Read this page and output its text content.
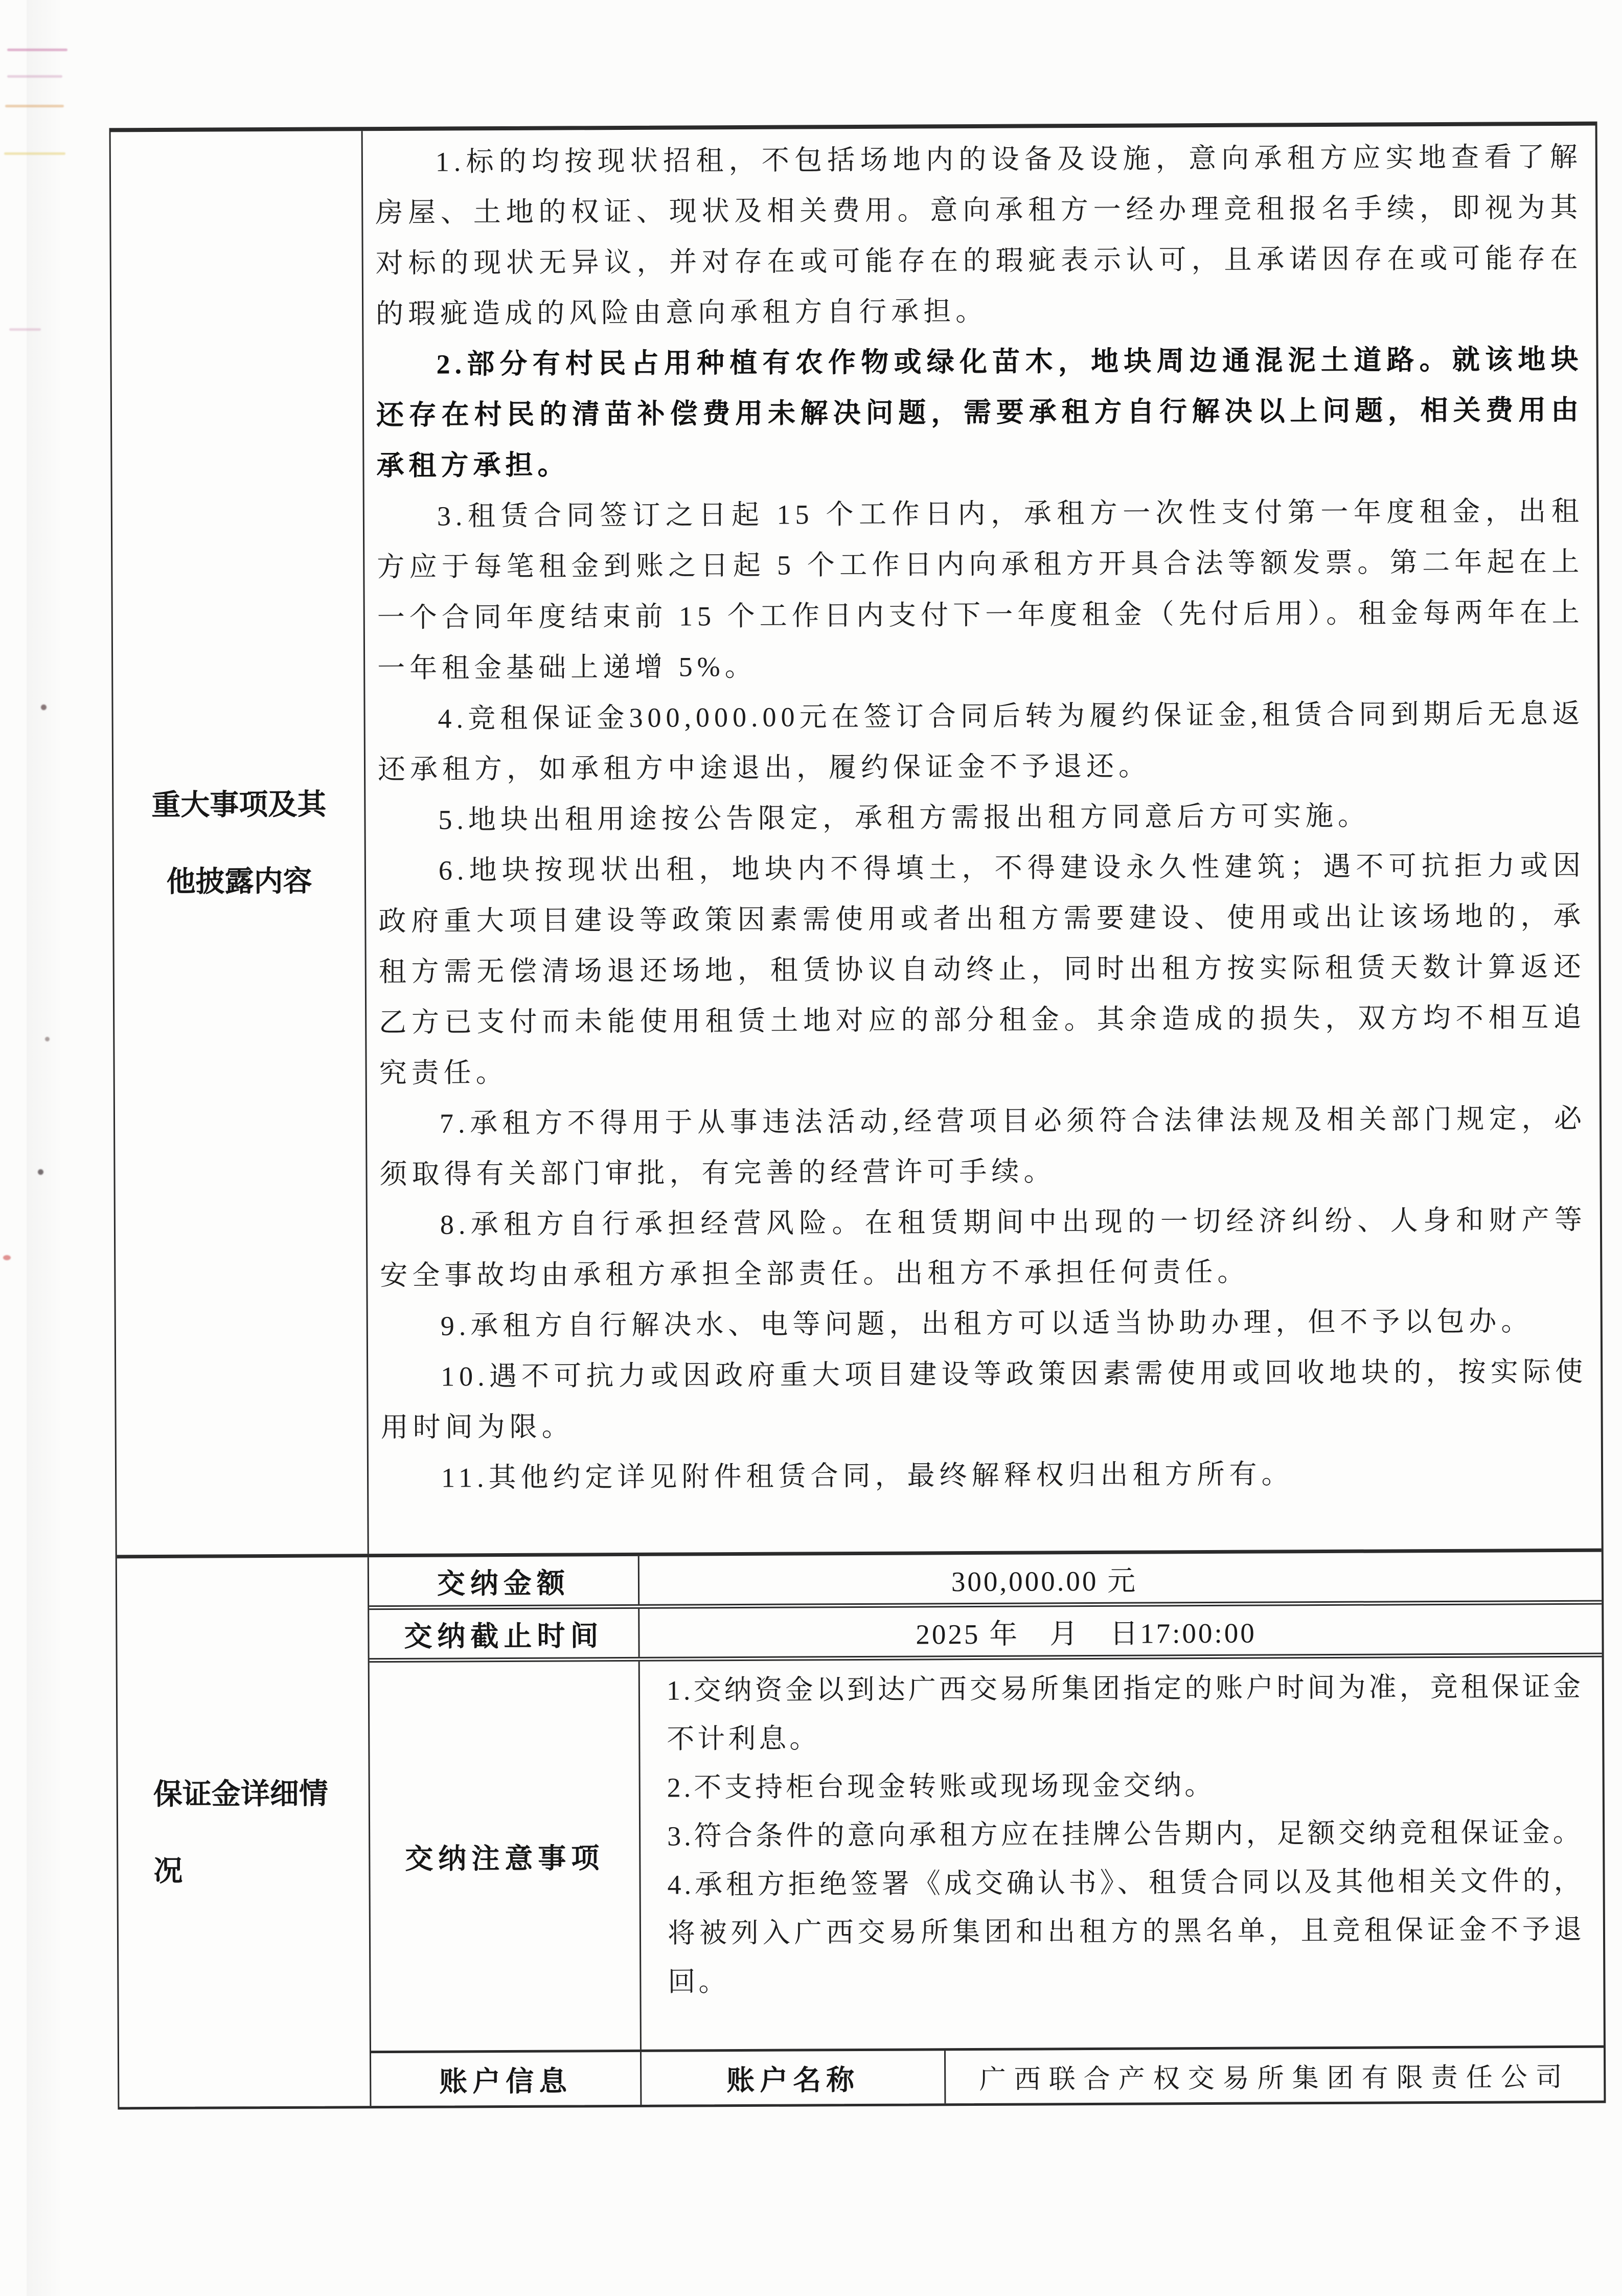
重大事项及其他披露内容

1.标的均按现状招租，不包括场地内的设备及设施，意向承租方应实地查看了解房屋、土地的权证、现状及相关费用。意向承租方一经办理竞租报名手续，即视为其对标的现状无异议，并对存在或可能存在的瑕疵表示认可，且承诺因存在或可能存在的瑕疵造成的风险由意向承租方自行承担。

2.部分有村民占用种植有农作物或绿化苗木，地块周边通混泥土道路。就该地块还存在村民的清苗补偿费用未解决问题，需要承租方自行解决以上问题，相关费用由承租方承担。

3.租赁合同签订之日起 15 个工作日内，承租方一次性支付第一年度租金，出租方应于每笔租金到账之日起 5 个工作日内向承租方开具合法等额发票。第二年起在上一个合同年度结束前 15 个工作日内支付下一年度租金（先付后用）。租金每两年在上一年租金基础上递增 5%。

4.竞租保证金300,000.00元在签订合同后转为履约保证金,租赁合同到期后无息返还承租方，如承租方中途退出，履约保证金不予退还。

5.地块出租用途按公告限定，承租方需报出租方同意后方可实施。

6.地块按现状出租，地块内不得填土，不得建设永久性建筑；遇不可抗拒力或因政府重大项目建设等政策因素需使用或者出租方需要建设、使用或出让该场地的，承租方需无偿清场退还场地，租赁协议自动终止，同时出租方按实际租赁天数计算返还乙方已支付而未能使用租赁土地对应的部分租金。其余造成的损失，双方均不相互追究责任。

7.承租方不得用于从事违法活动,经营项目必须符合法律法规及相关部门规定，必须取得有关部门审批，有完善的经营许可手续。

8.承租方自行承担经营风险。在租赁期间中出现的一切经济纠纷、人身和财产等安全事故均由承租方承担全部责任。出租方不承担任何责任。

9.承租方自行解决水、电等问题，出租方可以适当协助办理，但不予以包办。

10.遇不可抗力或因政府重大项目建设等政策因素需使用或回收地块的，按实际使用时间为限。

11.其他约定详见附件租赁合同，最终解释权归出租方所有。

保证金详细情况
交纳金额	300,000.00 元
交纳截止时间	2025 年　月　日17:00:00
交纳注意事项

1.交纳资金以到达广西交易所集团指定的账户时间为准，竞租保证金不计利息。

2.不支持柜台现金转账或现场现金交纳。

3.符合条件的意向承租方应在挂牌公告期内，足额交纳竞租保证金。

4.承租方拒绝签署《成交确认书》、租赁合同以及其他相关文件的，将被列入广西交易所集团和出租方的黑名单，且竞租保证金不予退回。

账户信息	账户名称	广西联合产权交易所集团有限责任公司
